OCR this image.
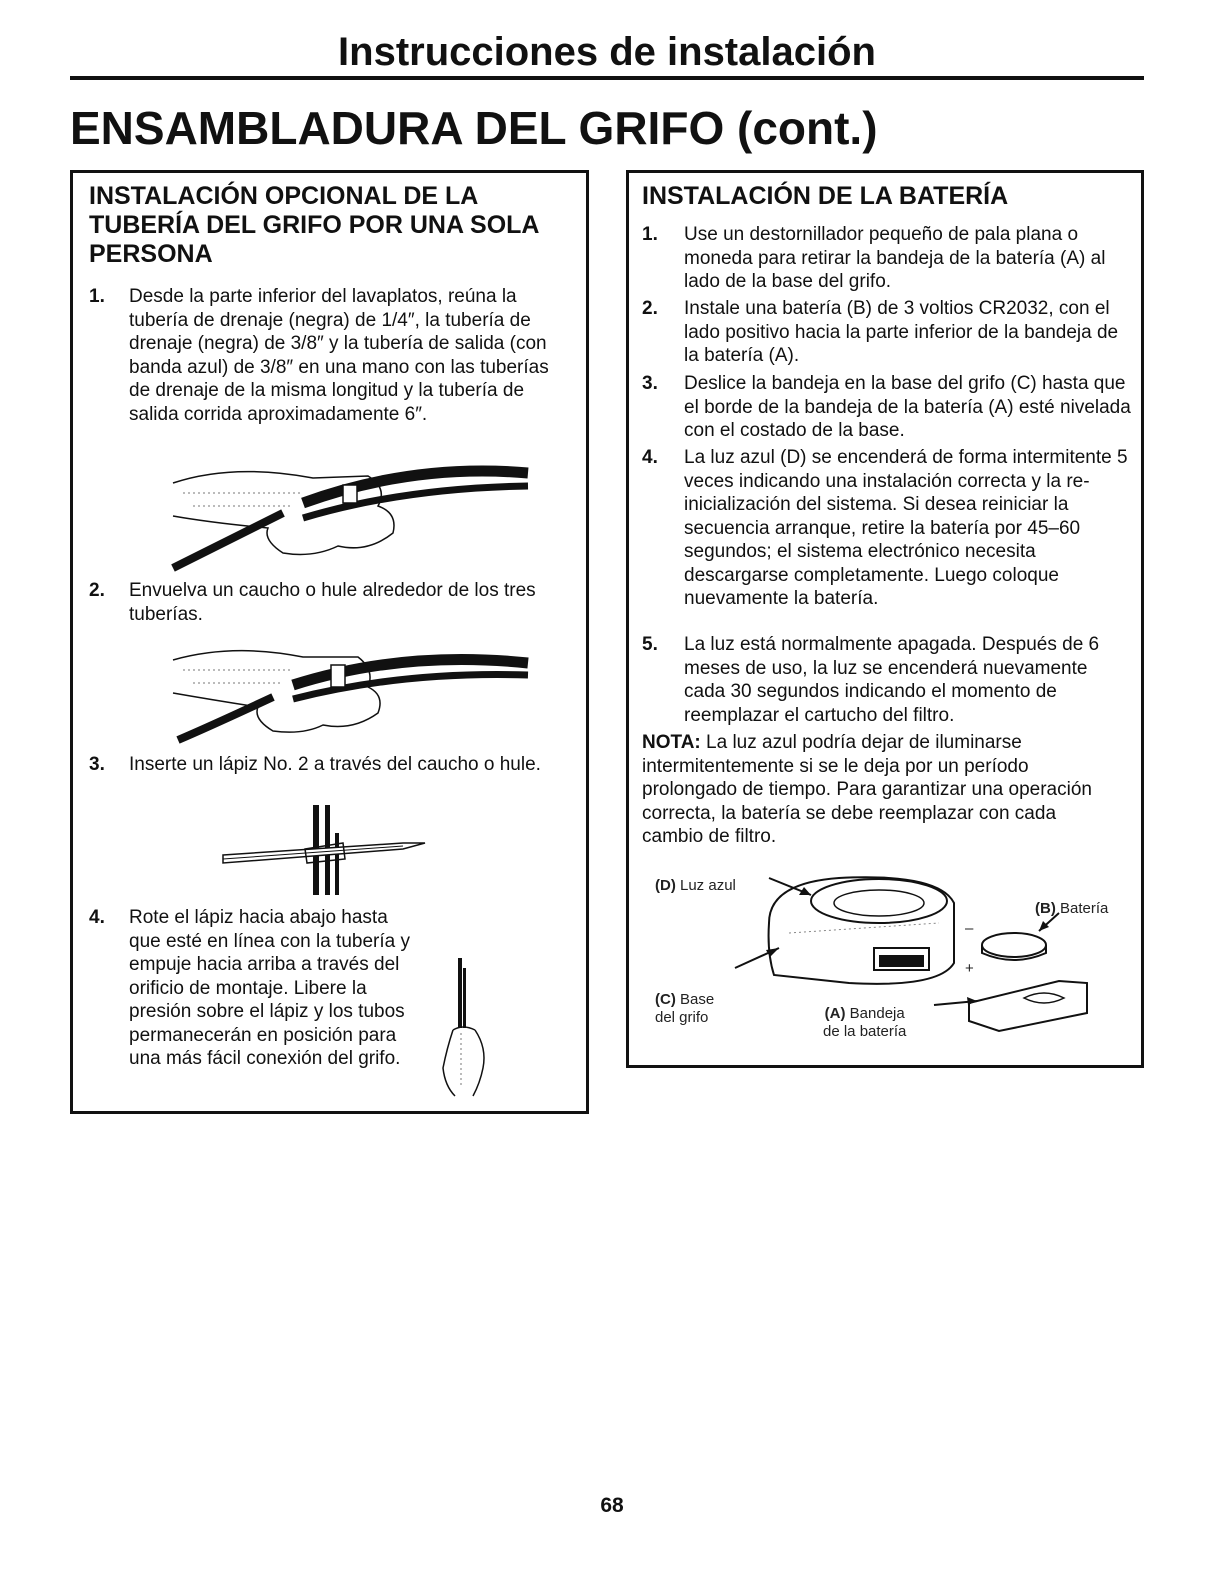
Instrucciones de instalación
ENSAMBLADURA DEL GRIFO (cont.)
INSTALACIÓN OPCIONAL DE LA TUBERÍA DEL GRIFO POR UNA SOLA PERSONA
1. Desde la parte inferior del lavaplatos, reúna la tubería de drenaje (negra) de 1/4″, la tubería de drenaje (negra) de 3/8″ y la tubería de salida (con banda azul) de 3/8″ en una mano con las tuberías de drenaje de la misma longitud y la tubería de salida corrida aproximadamente 6″.
2. Envuelva un caucho o hule alrededor de los tres tuberías.
3. Inserte un lápiz No. 2 a través del caucho o hule.
4. Rote el lápiz hacia abajo hasta que esté en línea con la tubería y empuje hacia arriba a través del orificio de montaje. Libere la presión sobre el lápiz y los tubos permanecerán en posición para una más fácil conexión del grifo.
INSTALACIÓN DE LA BATERÍA
1. Use un destornillador pequeño de pala plana o moneda para retirar la bandeja de la batería (A) al lado de la base del grifo.
2. Instale una batería (B) de 3 voltios CR2032, con el lado positivo hacia la parte inferior de la bandeja de la batería (A).
3. Deslice la bandeja en la base del grifo (C) hasta que el borde de la bandeja de la batería (A) esté nivelada con el costado de la base.
4. La luz azul (D) se encenderá de forma intermitente 5 veces indicando una instalación correcta y la re-inicialización del sistema. Si desea reiniciar la secuencia arranque, retire la batería por 45–60 segundos; el sistema electrónico necesita descargarse completamente. Luego coloque nuevamente la batería.
5. La luz está normalmente apagada. Después de 6 meses de uso, la luz se encenderá nuevamente cada 30 segundos indicando el momento de reemplazar el cartucho del filtro.
NOTA: La luz azul podría dejar de iluminarse intermitentemente si se le deja por un período prolongado de tiempo. Para garantizar una operación correcta, la batería se debe reemplazar con cada cambio de filtro.
(D) Luz azul
(B) Batería
–
+
(C) Base
del grifo	(A) Bandeja
de la batería
68
